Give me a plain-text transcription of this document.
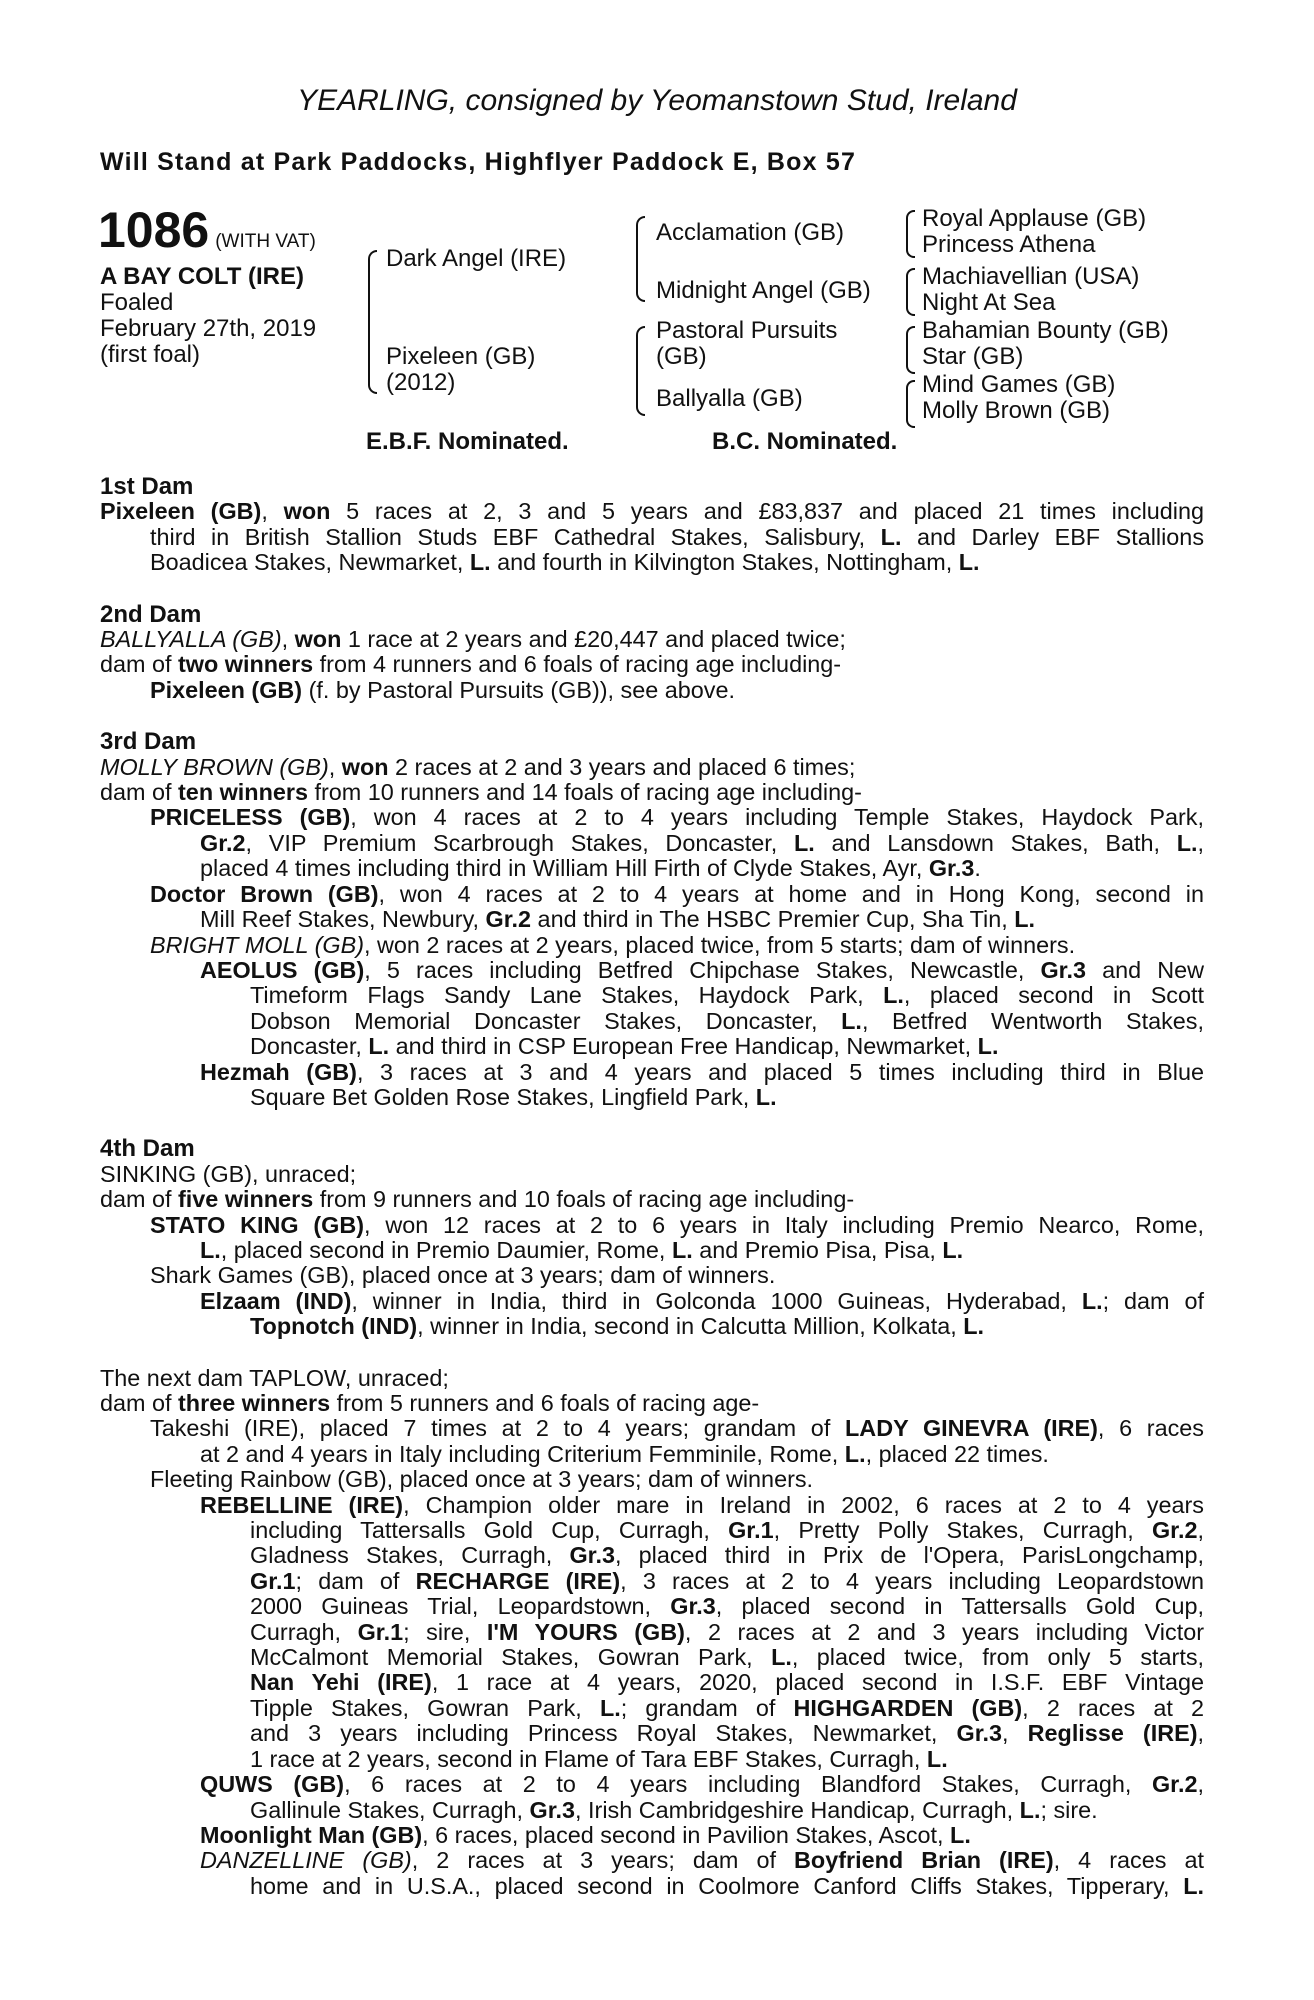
YEARLING, consigned by Yeomanstown Stud, Ireland
Will Stand at Park Paddocks, Highflyer Paddock E, Box 57
1086 (WITH VAT)
A BAY COLT (IRE)
Foaled
February 27th, 2019
(first foal)
Dark Angel (IRE)
Pixeleen (GB)
(2012)
Acclamation (GB)
Midnight Angel (GB)
Pastoral Pursuits
(GB)
Ballyalla (GB)
Royal Applause (GB)
Princess Athena
Machiavellian (USA)
Night At Sea
Bahamian Bounty (GB)
Star (GB)
Mind Games (GB)
Molly Brown (GB)
E.B.F. Nominated.	B.C. Nominated.
1st Dam
Pixeleen (GB), won 5 races at 2, 3 and 5 years and £83,837 and placed 21 times including
third in British Stallion Studs EBF Cathedral Stakes, Salisbury, L. and Darley EBF Stallions
Boadicea Stakes, Newmarket, L. and fourth in Kilvington Stakes, Nottingham, L.
2nd Dam
BALLYALLA (GB), won 1 race at 2 years and £20,447 and placed twice;
dam of two winners from 4 runners and 6 foals of racing age including-
Pixeleen (GB) (f. by Pastoral Pursuits (GB)), see above.
3rd Dam
MOLLY BROWN (GB), won 2 races at 2 and 3 years and placed 6 times;
dam of ten winners from 10 runners and 14 foals of racing age including-
PRICELESS (GB), won 4 races at 2 to 4 years including Temple Stakes, Haydock Park,
Gr.2, VIP Premium Scarbrough Stakes, Doncaster, L. and Lansdown Stakes, Bath, L.,
placed 4 times including third in William Hill Firth of Clyde Stakes, Ayr, Gr.3.
Doctor Brown (GB), won 4 races at 2 to 4 years at home and in Hong Kong, second in
Mill Reef Stakes, Newbury, Gr.2 and third in The HSBC Premier Cup, Sha Tin, L.
BRIGHT MOLL (GB), won 2 races at 2 years, placed twice, from 5 starts; dam of winners.
AEOLUS (GB), 5 races including Betfred Chipchase Stakes, Newcastle, Gr.3 and New
Timeform Flags Sandy Lane Stakes, Haydock Park, L., placed second in Scott
Dobson Memorial Doncaster Stakes, Doncaster, L., Betfred Wentworth Stakes,
Doncaster, L. and third in CSP European Free Handicap, Newmarket, L.
Hezmah (GB), 3 races at 3 and 4 years and placed 5 times including third in Blue
Square Bet Golden Rose Stakes, Lingfield Park, L.
4th Dam
SINKING (GB), unraced;
dam of five winners from 9 runners and 10 foals of racing age including-
STATO KING (GB), won 12 races at 2 to 6 years in Italy including Premio Nearco, Rome,
L., placed second in Premio Daumier, Rome, L. and Premio Pisa, Pisa, L.
Shark Games (GB), placed once at 3 years; dam of winners.
Elzaam (IND), winner in India, third in Golconda 1000 Guineas, Hyderabad, L.; dam of
Topnotch (IND), winner in India, second in Calcutta Million, Kolkata, L.
The next dam TAPLOW, unraced;
dam of three winners from 5 runners and 6 foals of racing age-
Takeshi (IRE), placed 7 times at 2 to 4 years; grandam of LADY GINEVRA (IRE), 6 races
at 2 and 4 years in Italy including Criterium Femminile, Rome, L., placed 22 times.
Fleeting Rainbow (GB), placed once at 3 years; dam of winners.
REBELLINE (IRE), Champion older mare in Ireland in 2002, 6 races at 2 to 4 years
including Tattersalls Gold Cup, Curragh, Gr.1, Pretty Polly Stakes, Curragh, Gr.2,
Gladness Stakes, Curragh, Gr.3, placed third in Prix de l'Opera, ParisLongchamp,
Gr.1; dam of RECHARGE (IRE), 3 races at 2 to 4 years including Leopardstown
2000 Guineas Trial, Leopardstown, Gr.3, placed second in Tattersalls Gold Cup,
Curragh, Gr.1; sire, I'M YOURS (GB), 2 races at 2 and 3 years including Victor
McCalmont Memorial Stakes, Gowran Park, L., placed twice, from only 5 starts,
Nan Yehi (IRE), 1 race at 4 years, 2020, placed second in I.S.F. EBF Vintage
Tipple Stakes, Gowran Park, L.; grandam of HIGHGARDEN (GB), 2 races at 2
and 3 years including Princess Royal Stakes, Newmarket, Gr.3, Reglisse (IRE),
1 race at 2 years, second in Flame of Tara EBF Stakes, Curragh, L.
QUWS (GB), 6 races at 2 to 4 years including Blandford Stakes, Curragh, Gr.2,
Gallinule Stakes, Curragh, Gr.3, Irish Cambridgeshire Handicap, Curragh, L.; sire.
Moonlight Man (GB), 6 races, placed second in Pavilion Stakes, Ascot, L.
DANZELLINE (GB), 2 races at 3 years; dam of Boyfriend Brian (IRE), 4 races at
home and in U.S.A., placed second in Coolmore Canford Cliffs Stakes, Tipperary, L.
